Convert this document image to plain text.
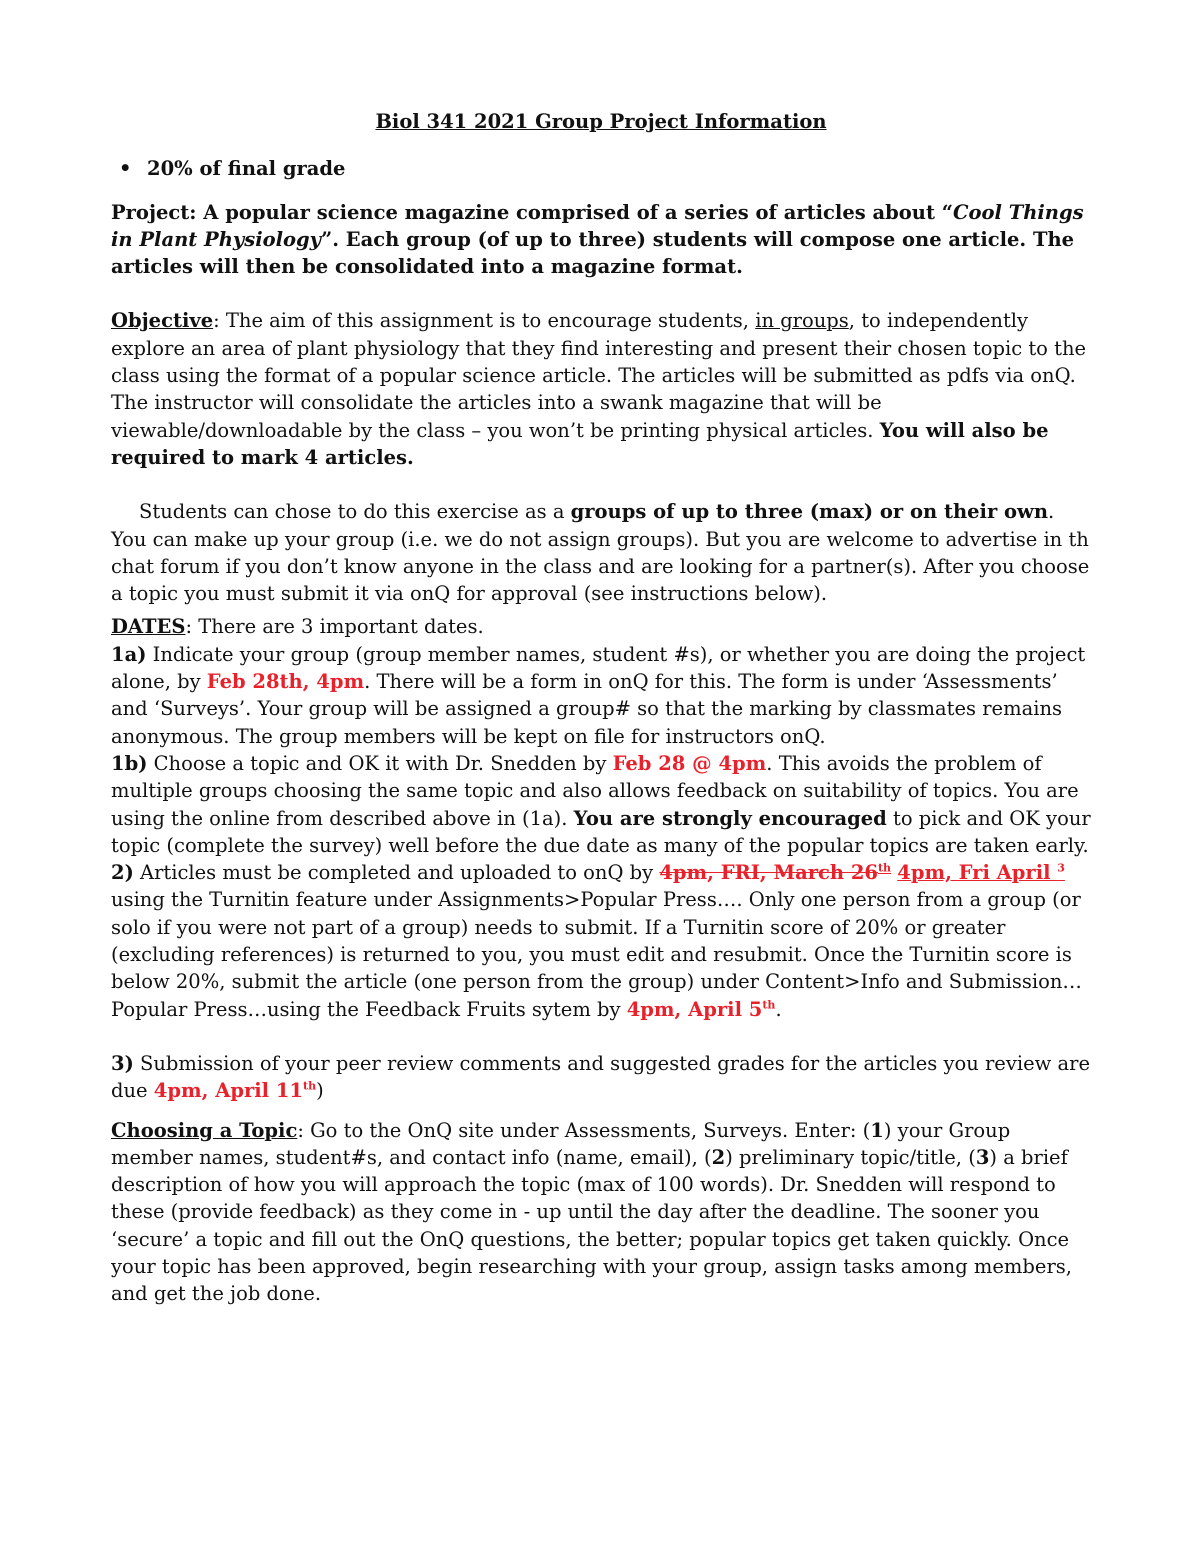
Biol 341 2021 Group Project Information

• 20% of final grade

Project: A popular science magazine comprised of a series of articles about “Cool Things in Plant Physiology”. Each group (of up to three) students will compose one article. The articles will then be consolidated into a magazine format.

Objective: The aim of this assignment is to encourage students, in groups, to independently explore an area of plant physiology that they find interesting and present their chosen topic to the class using the format of a popular science article. The articles will be submitted as pdfs via onQ. The instructor will consolidate the articles into a swank magazine that will be viewable/downloadable by the class – you won’t be printing physical articles. You will also be required to mark 4 articles.

Students can chose to do this exercise as a groups of up to three (max) or on their own. You can make up your group (i.e. we do not assign groups). But you are welcome to advertise in th chat forum if you don’t know anyone in the class and are looking for a partner(s). After you choose a topic you must submit it via onQ for approval (see instructions below).

DATES: There are 3 important dates.

1a) Indicate your group (group member names, student #s), or whether you are doing the project alone, by Feb 28th, 4pm. There will be a form in onQ for this. The form is under ‘Assessments’ and ‘Surveys’. Your group will be assigned a group# so that the marking by classmates remains anonymous. The group members will be kept on file for instructors onQ.

1b) Choose a topic and OK it with Dr. Snedden by Feb 28 @ 4pm. This avoids the problem of multiple groups choosing the same topic and also allows feedback on suitability of topics. You are using the online from described above in (1a). You are strongly encouraged to pick and OK your topic (complete the survey) well before the due date as many of the popular topics are taken early.

2) Articles must be completed and uploaded to onQ by 4pm, FRI, March 26th 4pm, Fri April $^3$ using the Turnitin feature under Assignments>Popular Press…. Only one person from a group (or solo if you were not part of a group) needs to submit. If a Turnitin score of 20% or greater (excluding references) is returned to you, you must edit and resubmit. Once the Turnitin score is below 20%, submit the article (one person from the group) under Content>Info and Submission…Popular Press…using the Feedback Fruits sytem by 4pm, April 5th.

3) Submission of your peer review comments and suggested grades for the articles you review are due 4pm, April 11th)

Choosing a Topic: Go to the OnQ site under Assessments, Surveys. Enter: (1) your Group member names, student#s, and contact info (name, email), (2) preliminary topic/title, (3) a brief description of how you will approach the topic (max of 100 words). Dr. Snedden will respond to these (provide feedback) as they come in - up until the day after the deadline. The sooner you ‘secure’ a topic and fill out the OnQ questions, the better; popular topics get taken quickly. Once your topic has been approved, begin researching with your group, assign tasks among members, and get the job done.
